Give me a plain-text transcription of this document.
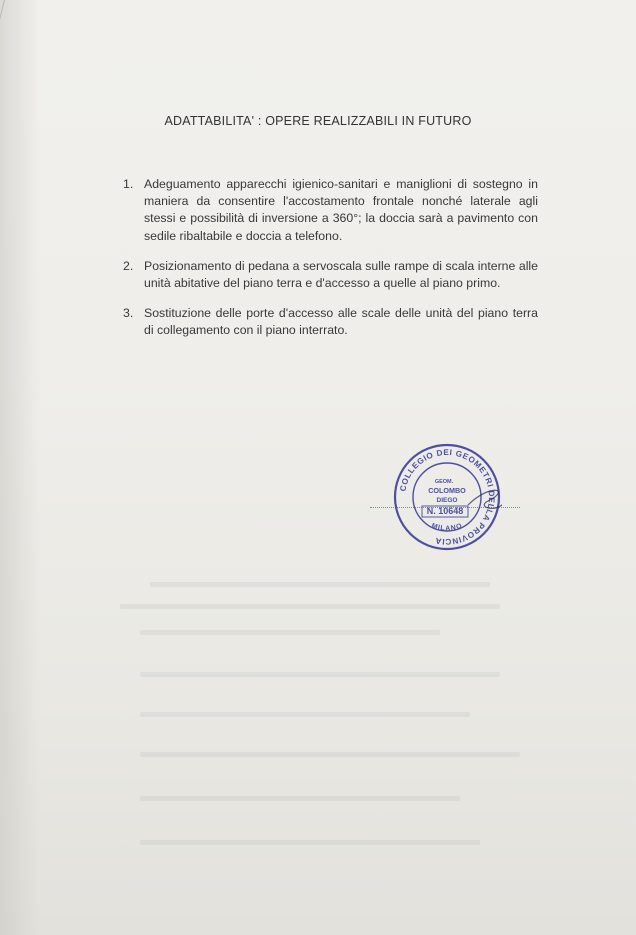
ADATTABILITA' : OPERE REALIZZABILI IN FUTURO
1. Adeguamento apparecchi igienico-sanitari e maniglioni di sostegno in maniera da consentire l'accostamento frontale nonché laterale agli stessi e possibilità di inversione a 360°; la doccia sarà a pavimento con sedile ribaltabile e doccia a telefono.
2. Posizionamento di pedana a servoscala sulle rampe di scala interne alle unità abitative del piano terra e d'accesso a quelle al piano primo.
3. Sostituzione delle porte d'accesso alle scale delle unità del piano terra di collegamento con il piano interrato.
COLLEGIO DEI GEOMETRI DELLA PROVINCIA
MILANO
GEOM.
COLOMBO
DIEGO
N. 10648
